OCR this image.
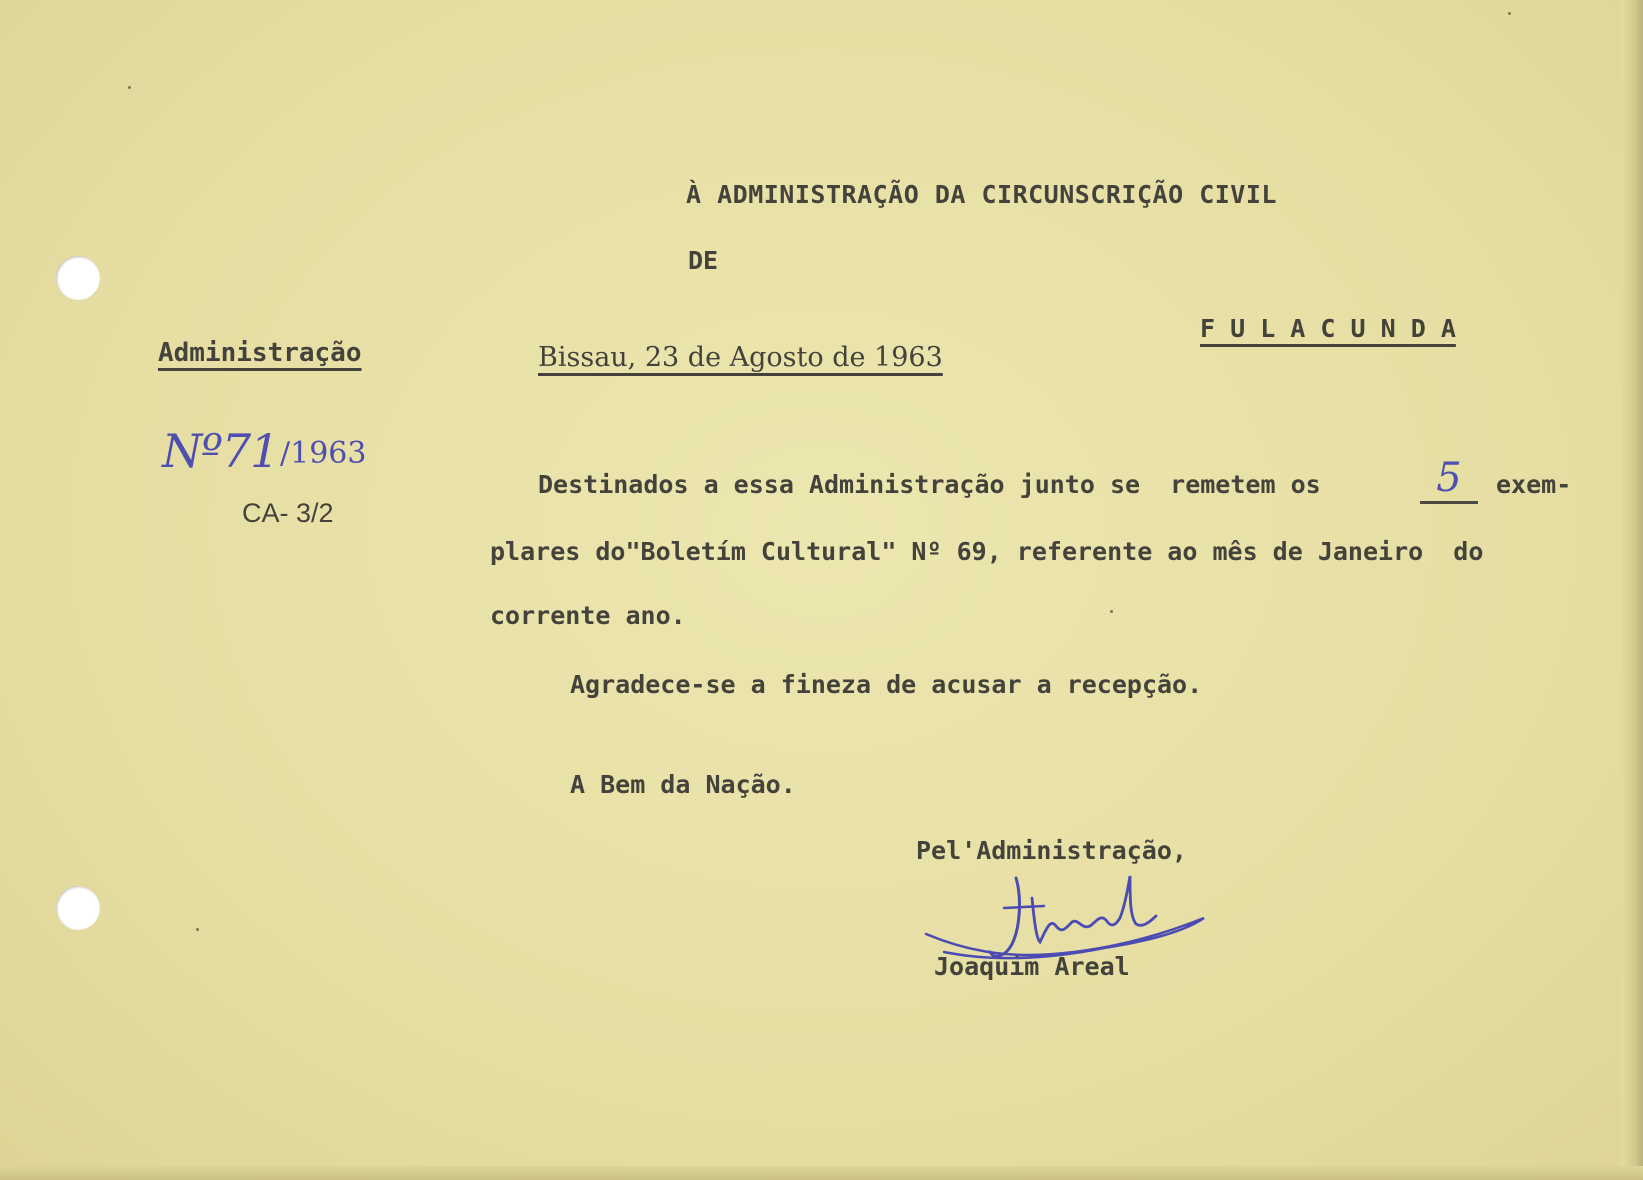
À ADMINISTRAÇÃO DA CIRCUNSCRIÇÃO CIVIL
DE
F U L A C U N D A
Administração
Nº71 /1963
CA- 3/2
Bissau, 23 de Agosto de 1963
Destinados a essa Administração junto se  remetem os	5	exem-
plares do"Boletím Cultural" Nº 69, referente ao mês de Janeiro  do
corrente ano.
Agradece-se a fineza de acusar a recepção.
A Bem da Nação.
Pel'Administração,
Joaquim Areal
